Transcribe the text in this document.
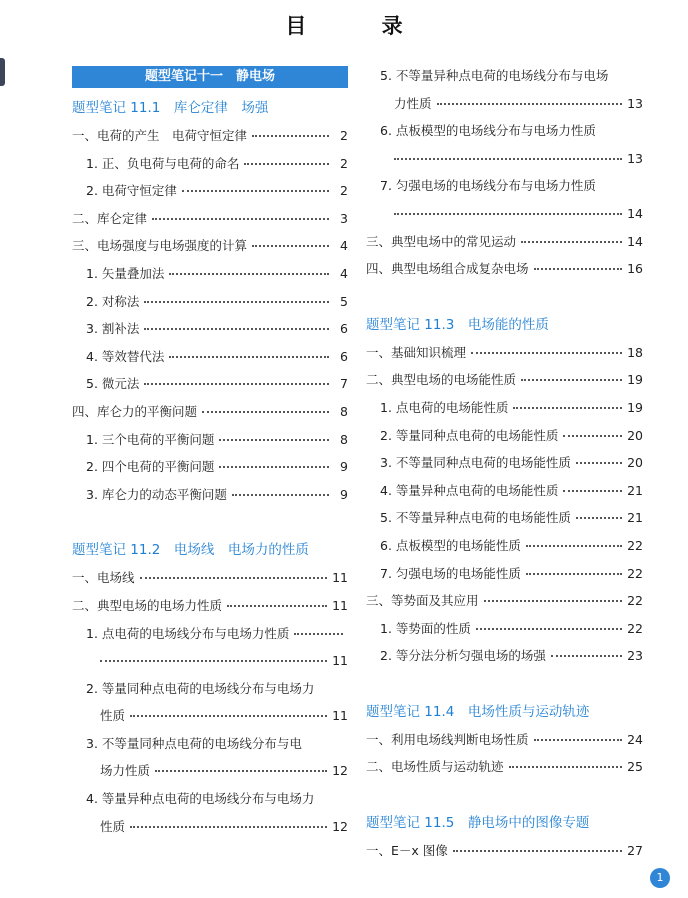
目 录
题型笔记十一　静电场
题型笔记 11.1　库仑定律　场强
一、电荷的产生　电荷守恒定律	2
1. 正、负电荷与电荷的命名	2
2. 电荷守恒定律	2
二、库仑定律	3
三、电场强度与电场强度的计算	4
1. 矢量叠加法	4
2. 对称法	5
3. 割补法	6
4. 等效替代法	6
5. 微元法	7
四、库仑力的平衡问题	8
1. 三个电荷的平衡问题	8
2. 四个电荷的平衡问题	9
3. 库仑力的动态平衡问题	9
题型笔记 11.2　电场线　电场力的性质
一、电场线	11
二、典型电场的电场力性质	11
1. 点电荷的电场线分布与电场力性质
11
2. 等量同种点电荷的电场线分布与电场力
性质	11
3. 不等量同种点电荷的电场线分布与电
场力性质	12
4. 等量异种点电荷的电场线分布与电场力
性质	12
5. 不等量异种点电荷的电场线分布与电场
力性质	13
6. 点板模型的电场线分布与电场力性质
13
7. 匀强电场的电场线分布与电场力性质
14
三、典型电场中的常见运动	14
四、典型电场组合成复杂电场	16
题型笔记 11.3　电场能的性质
一、基础知识梳理	18
二、典型电场的电场能性质	19
1. 点电荷的电场能性质	19
2. 等量同种点电荷的电场能性质	20
3. 不等量同种点电荷的电场能性质	20
4. 等量异种点电荷的电场能性质	21
5. 不等量异种点电荷的电场能性质	21
6. 点板模型的电场能性质	22
7. 匀强电场的电场能性质	22
三、等势面及其应用	22
1. 等势面的性质	22
2. 等分法分析匀强电场的场强	23
题型笔记 11.4　电场性质与运动轨迹
一、利用电场线判断电场性质	24
二、电场性质与运动轨迹	25
题型笔记 11.5　静电场中的图像专题
一、E－x 图像	27
1
